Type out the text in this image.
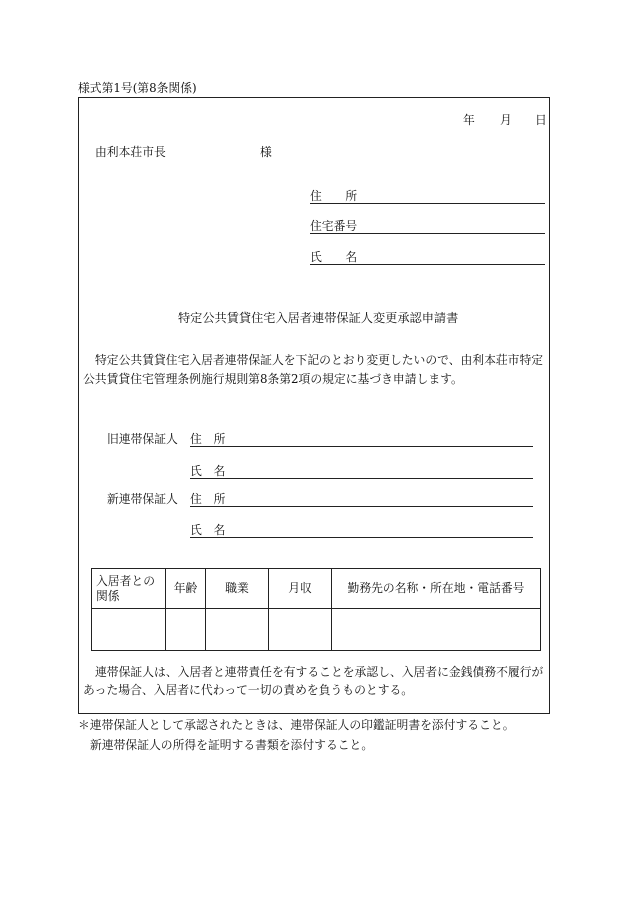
様式第1号(第8条関係)
年 月 日
由利本荘市長	様
住　　所
住宅番号
氏　　名
特定公共賃貸住宅入居者連帯保証人変更承認申請書
特定公共賃貸住宅入居者連帯保証人を下記のとおり変更したいので、由利本荘市特定
公共賃貸住宅管理条例施行規則第8条第2項の規定に基づき申請します。
旧連帯保証人 住　所
氏　名
新連帯保証人 住　所
氏　名
入居者との
関係	年齢	職業	月収	勤務先の名称・所在地・電話番号

連帯保証人は、入居者と連帯責任を有することを承認し、入居者に金銭債務不履行が
あった場合、入居者に代わって一切の責めを負うものとする。
＊連帯保証人として承認されたときは、連帯保証人の印鑑証明書を添付すること。
新連帯保証人の所得を証明する書類を添付すること。
